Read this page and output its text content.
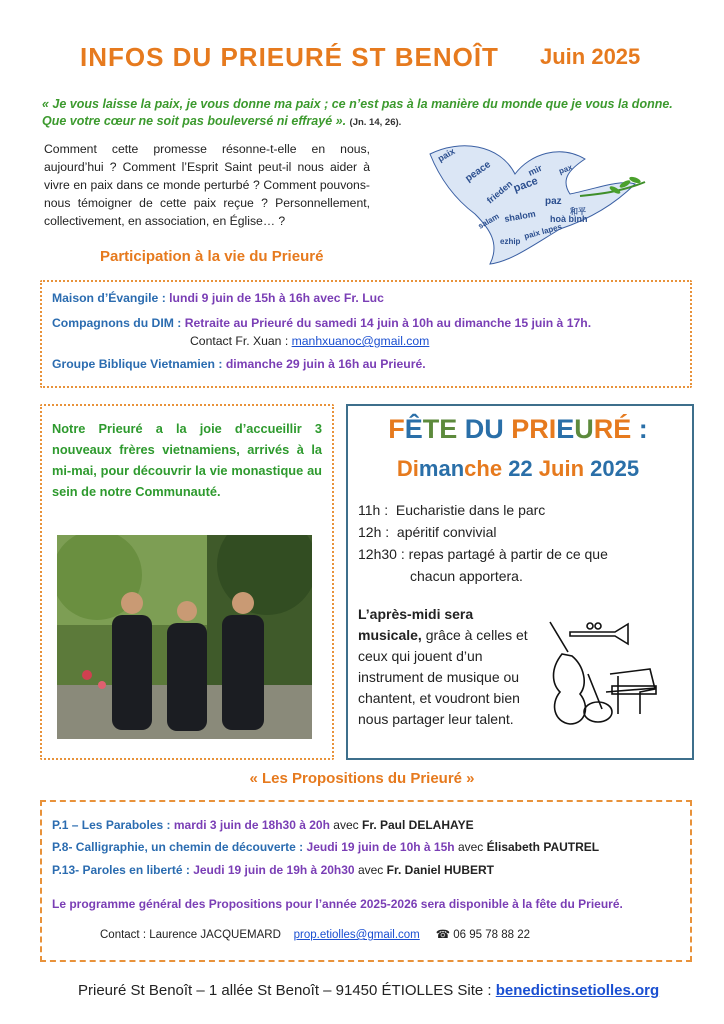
INFOS DU PRIEURÉ ST BENOÎT Juin 2025
« Je vous laisse la paix, je vous donne ma paix ; ce n’est pas à la manière du monde que je vous la donne. Que votre cœur ne soit pas bouleversé ni effrayé ». (Jn. 14, 26).
Comment cette promesse résonne-t-elle en nous, aujourd’hui ? Comment l’Esprit Saint peut-il nous aider à vivre en paix dans ce monde perturbé ? Comment pouvons-nous témoigner de cette paix reçue ? Personnellement, collectivement, en association, en Église… ?
paix
peace
frieden
pace
mir
paz
shalom
salam	hoà bình
和平
paix lapes
ezhip
pax
Participation à la vie du Prieuré
Maison d’Évangile : lundi 9 juin de 15h à 16h avec Fr. Luc
Compagnons du DIM : Retraite au Prieuré du samedi 14 juin à 10h au dimanche 15 juin à 17h.
Contact Fr. Xuan : manhxuanoc@gmail.com
Groupe Biblique Vietnamien : dimanche 29 juin à 16h au Prieuré.
Notre Prieuré a la joie d’accueillir 3 nouveaux frères vietnamiens, arrivés à la mi-mai, pour découvrir la vie monastique au sein de notre Communauté.
FÊTE DU PRIEURÉ :
Dimanche 22 Juin 2025
11h : Eucharistie dans le parc
12h : apéritif convivial
12h30 : repas partagé à partir de ce que
chacun apportera.
L’après-midi sera musicale, grâce à celles et ceux qui jouent d’un instrument de musique ou chantent, et voudront bien nous partager leur talent.
« Les Propositions du Prieuré »
P.1 – Les Paraboles : mardi 3 juin de 18h30 à 20h avec Fr. Paul DELAHAYE
P.8- Calligraphie, un chemin de découverte : Jeudi 19 juin de 10h à 15h avec Élisabeth PAUTREL
P.13- Paroles en liberté : Jeudi 19 juin de 19h à 20h30 avec Fr. Daniel HUBERT
Le programme général des Propositions pour l’année 2025-2026 sera disponible à la fête du Prieuré.
Contact : Laurence JACQUEMARD prop.etiolles@gmail.com ☎ 06 95 78 88 22
Prieuré St Benoît – 1 allée St Benoît – 91450 ÉTIOLLES Site : benedictinsetiolles.org
